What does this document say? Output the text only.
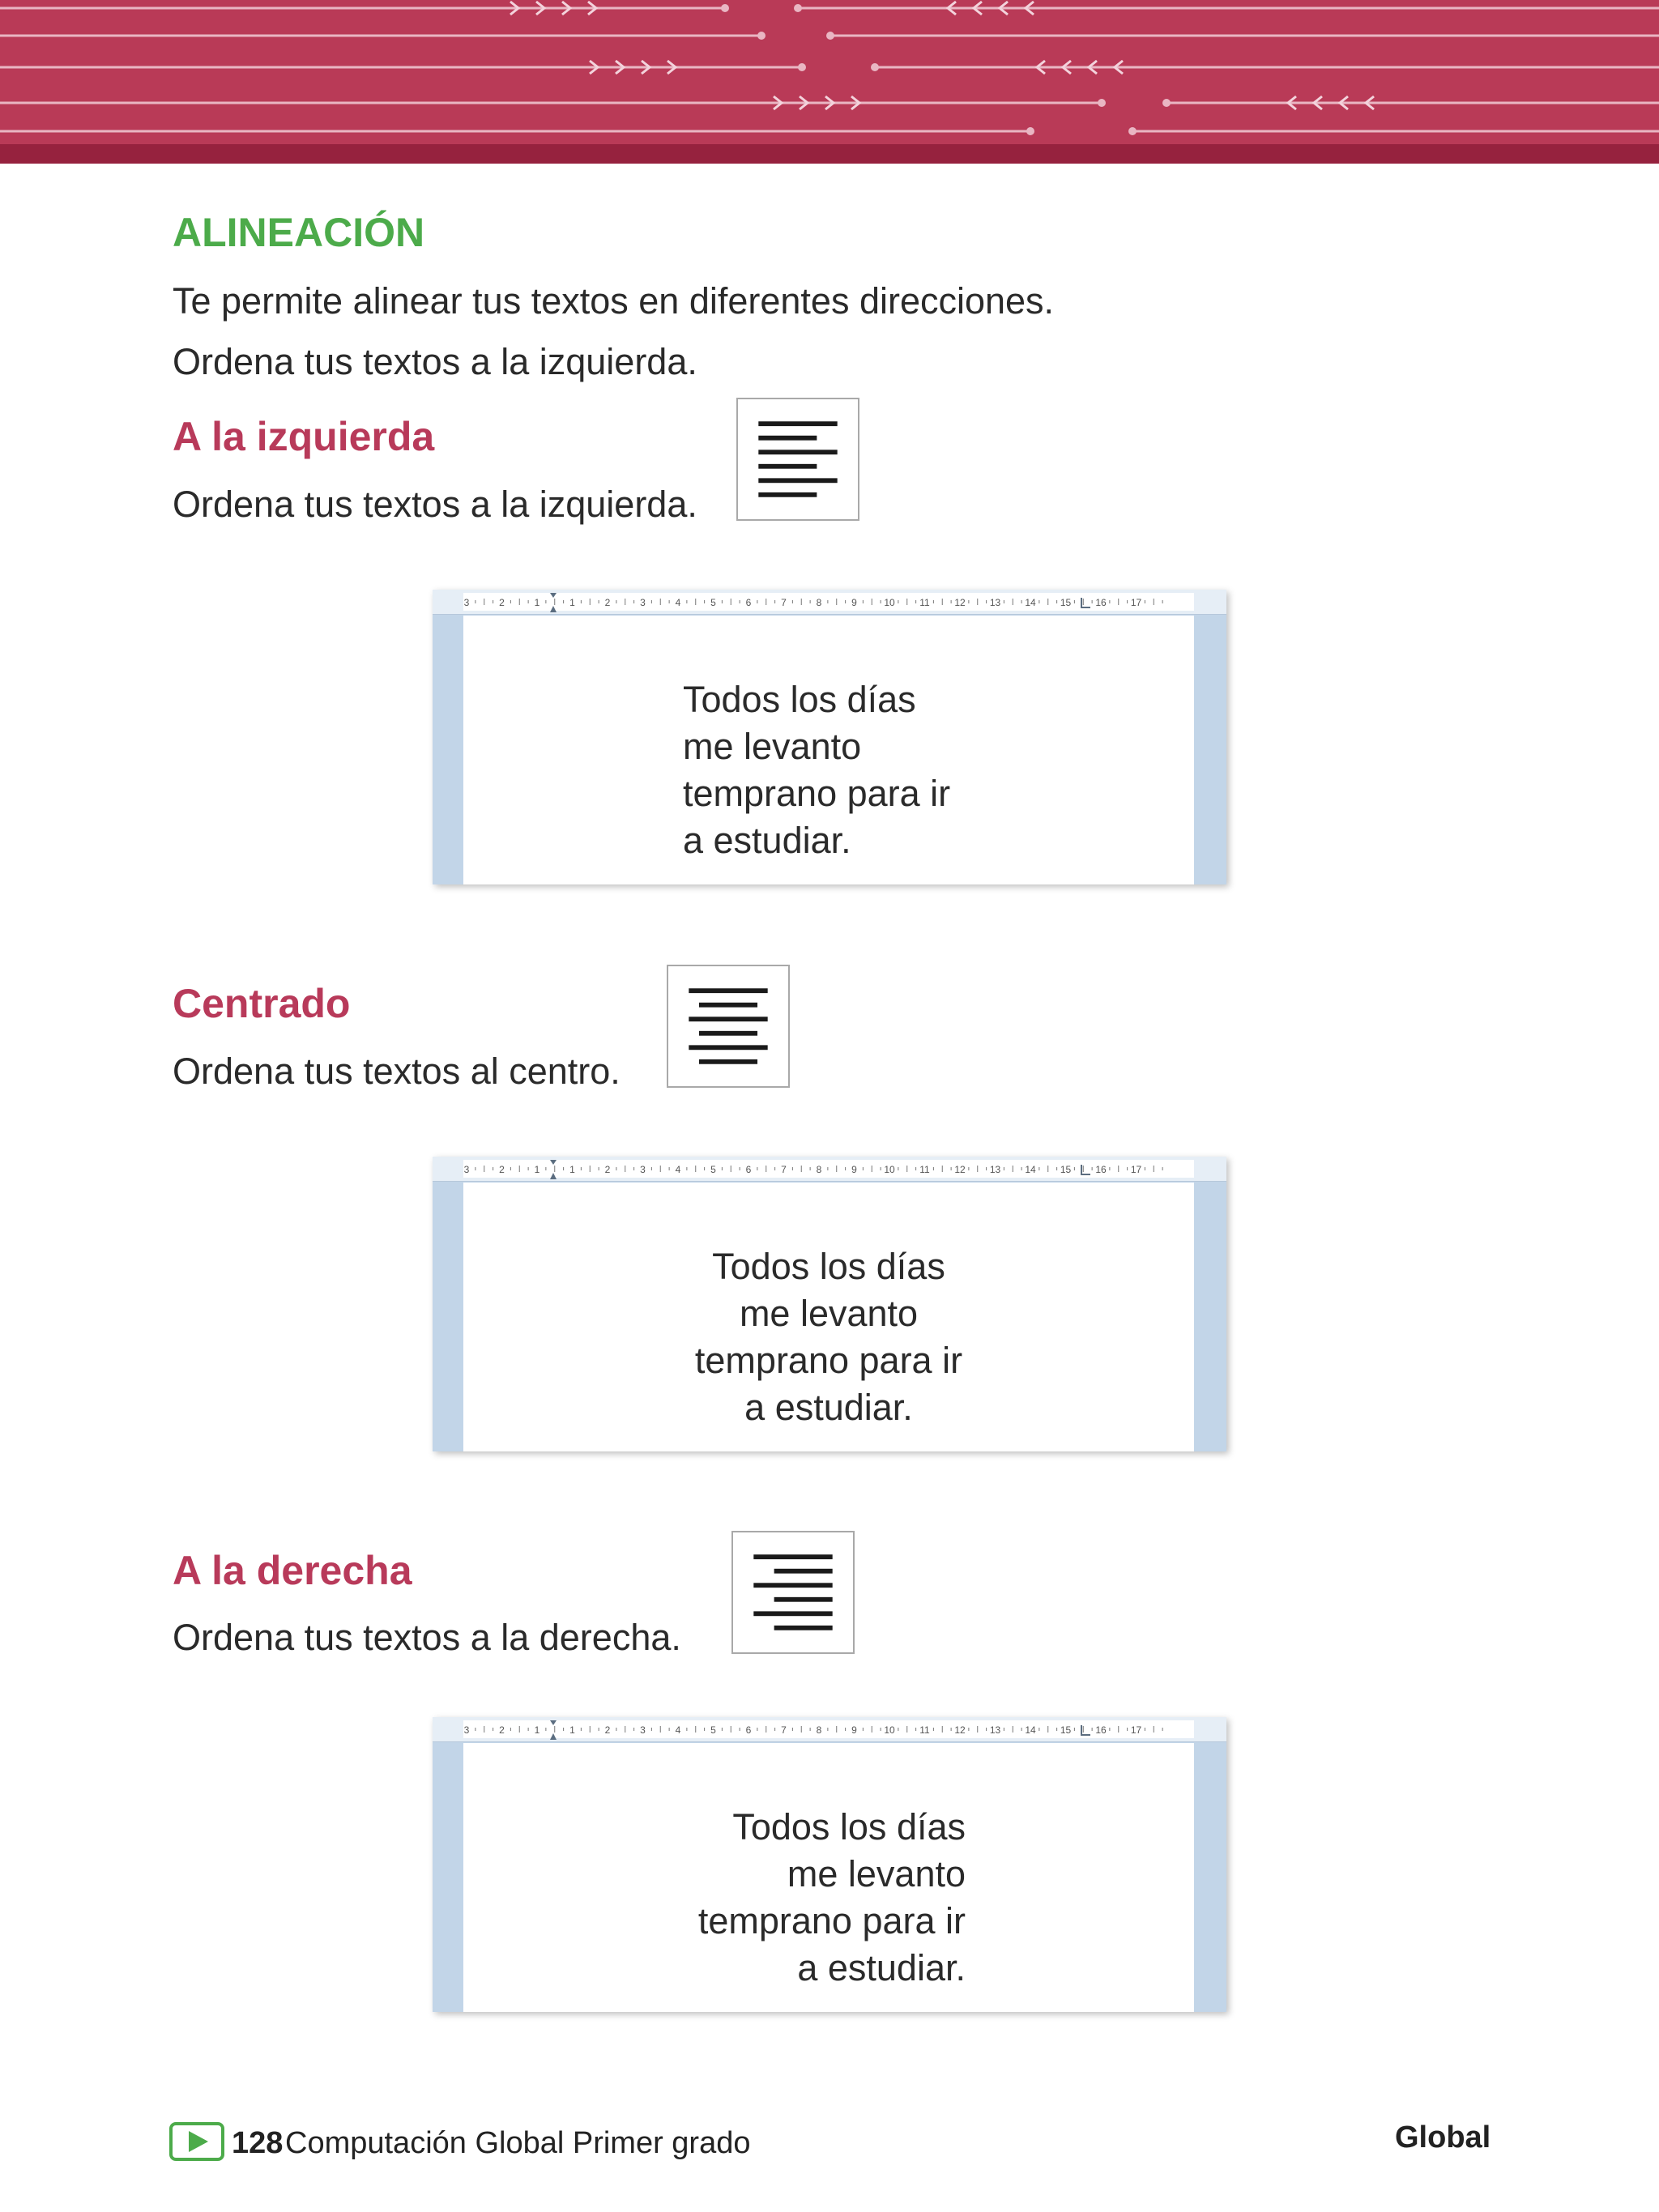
ALINEACIÓN

Te permite alinear tus textos en diferentes direcciones.

Ordena tus textos a la izquierda.

A la izquierda

Ordena tus textos a la izquierda.

3	2	1	1	2	3	4	5	6	7	8	9	10	11	12	13	14	15	16	17
Todos los días
me levanto
temprano para ir
a estudiar.
Centrado

Ordena tus textos al centro.

3	2	1	1	2	3	4	5	6	7	8	9	10	11	12	13	14	15	16	17
Todos los días
me levanto
temprano para ir
a estudiar.
A la derecha

Ordena tus textos a la derecha.

3	2	1	1	2	3	4	5	6	7	8	9	10	11	12	13	14	15	16	17
Todos los días
me levanto
temprano para ir
a estudiar.
128 Computación Global Primer grado	Global
